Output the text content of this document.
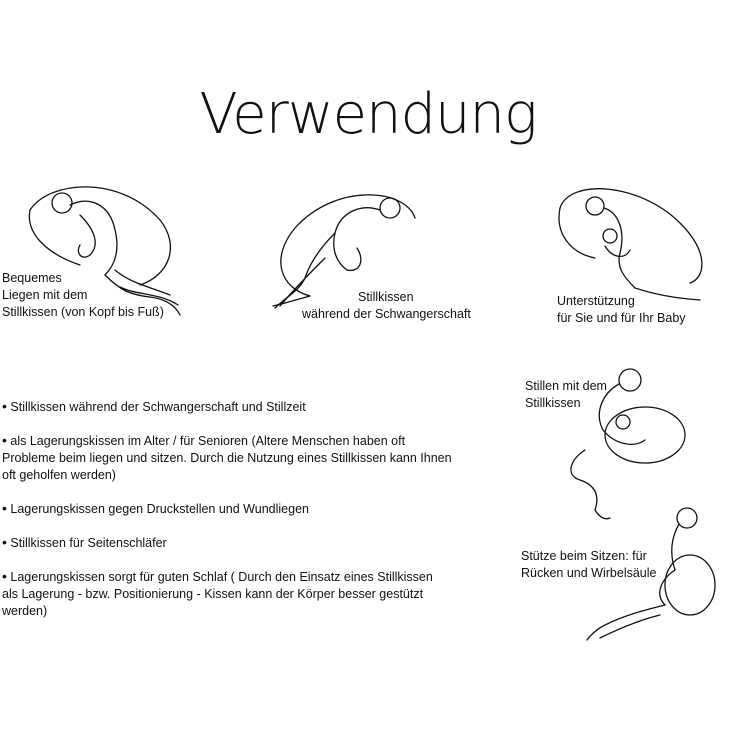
Verwendung
Bequemes
Liegen mit dem
Stillkissen (von Kopf bis Fuß)
Stillkissen
während der Schwangerschaft
Unterstützung
für Sie und für Ihr Baby
Stillen mit dem
Stillkissen
Stütze beim Sitzen: für
Rücken und Wirbelsäule
• Stillkissen während der Schwangerschaft und Stillzeit
• als Lagerungskissen im Alter / für Senioren (Altere Menschen haben oft Probleme beim liegen und sitzen. Durch die Nutzung eines Stillkissen kann Ihnen oft geholfen werden)
• Lagerungskissen gegen Druckstellen und Wundliegen
• Stillkissen für Seitenschläfer
• Lagerungskissen sorgt für guten Schlaf ( Durch den Einsatz eines Stillkissen als Lagerung - bzw. Positionierung - Kissen kann der Körper besser gestützt werden)
